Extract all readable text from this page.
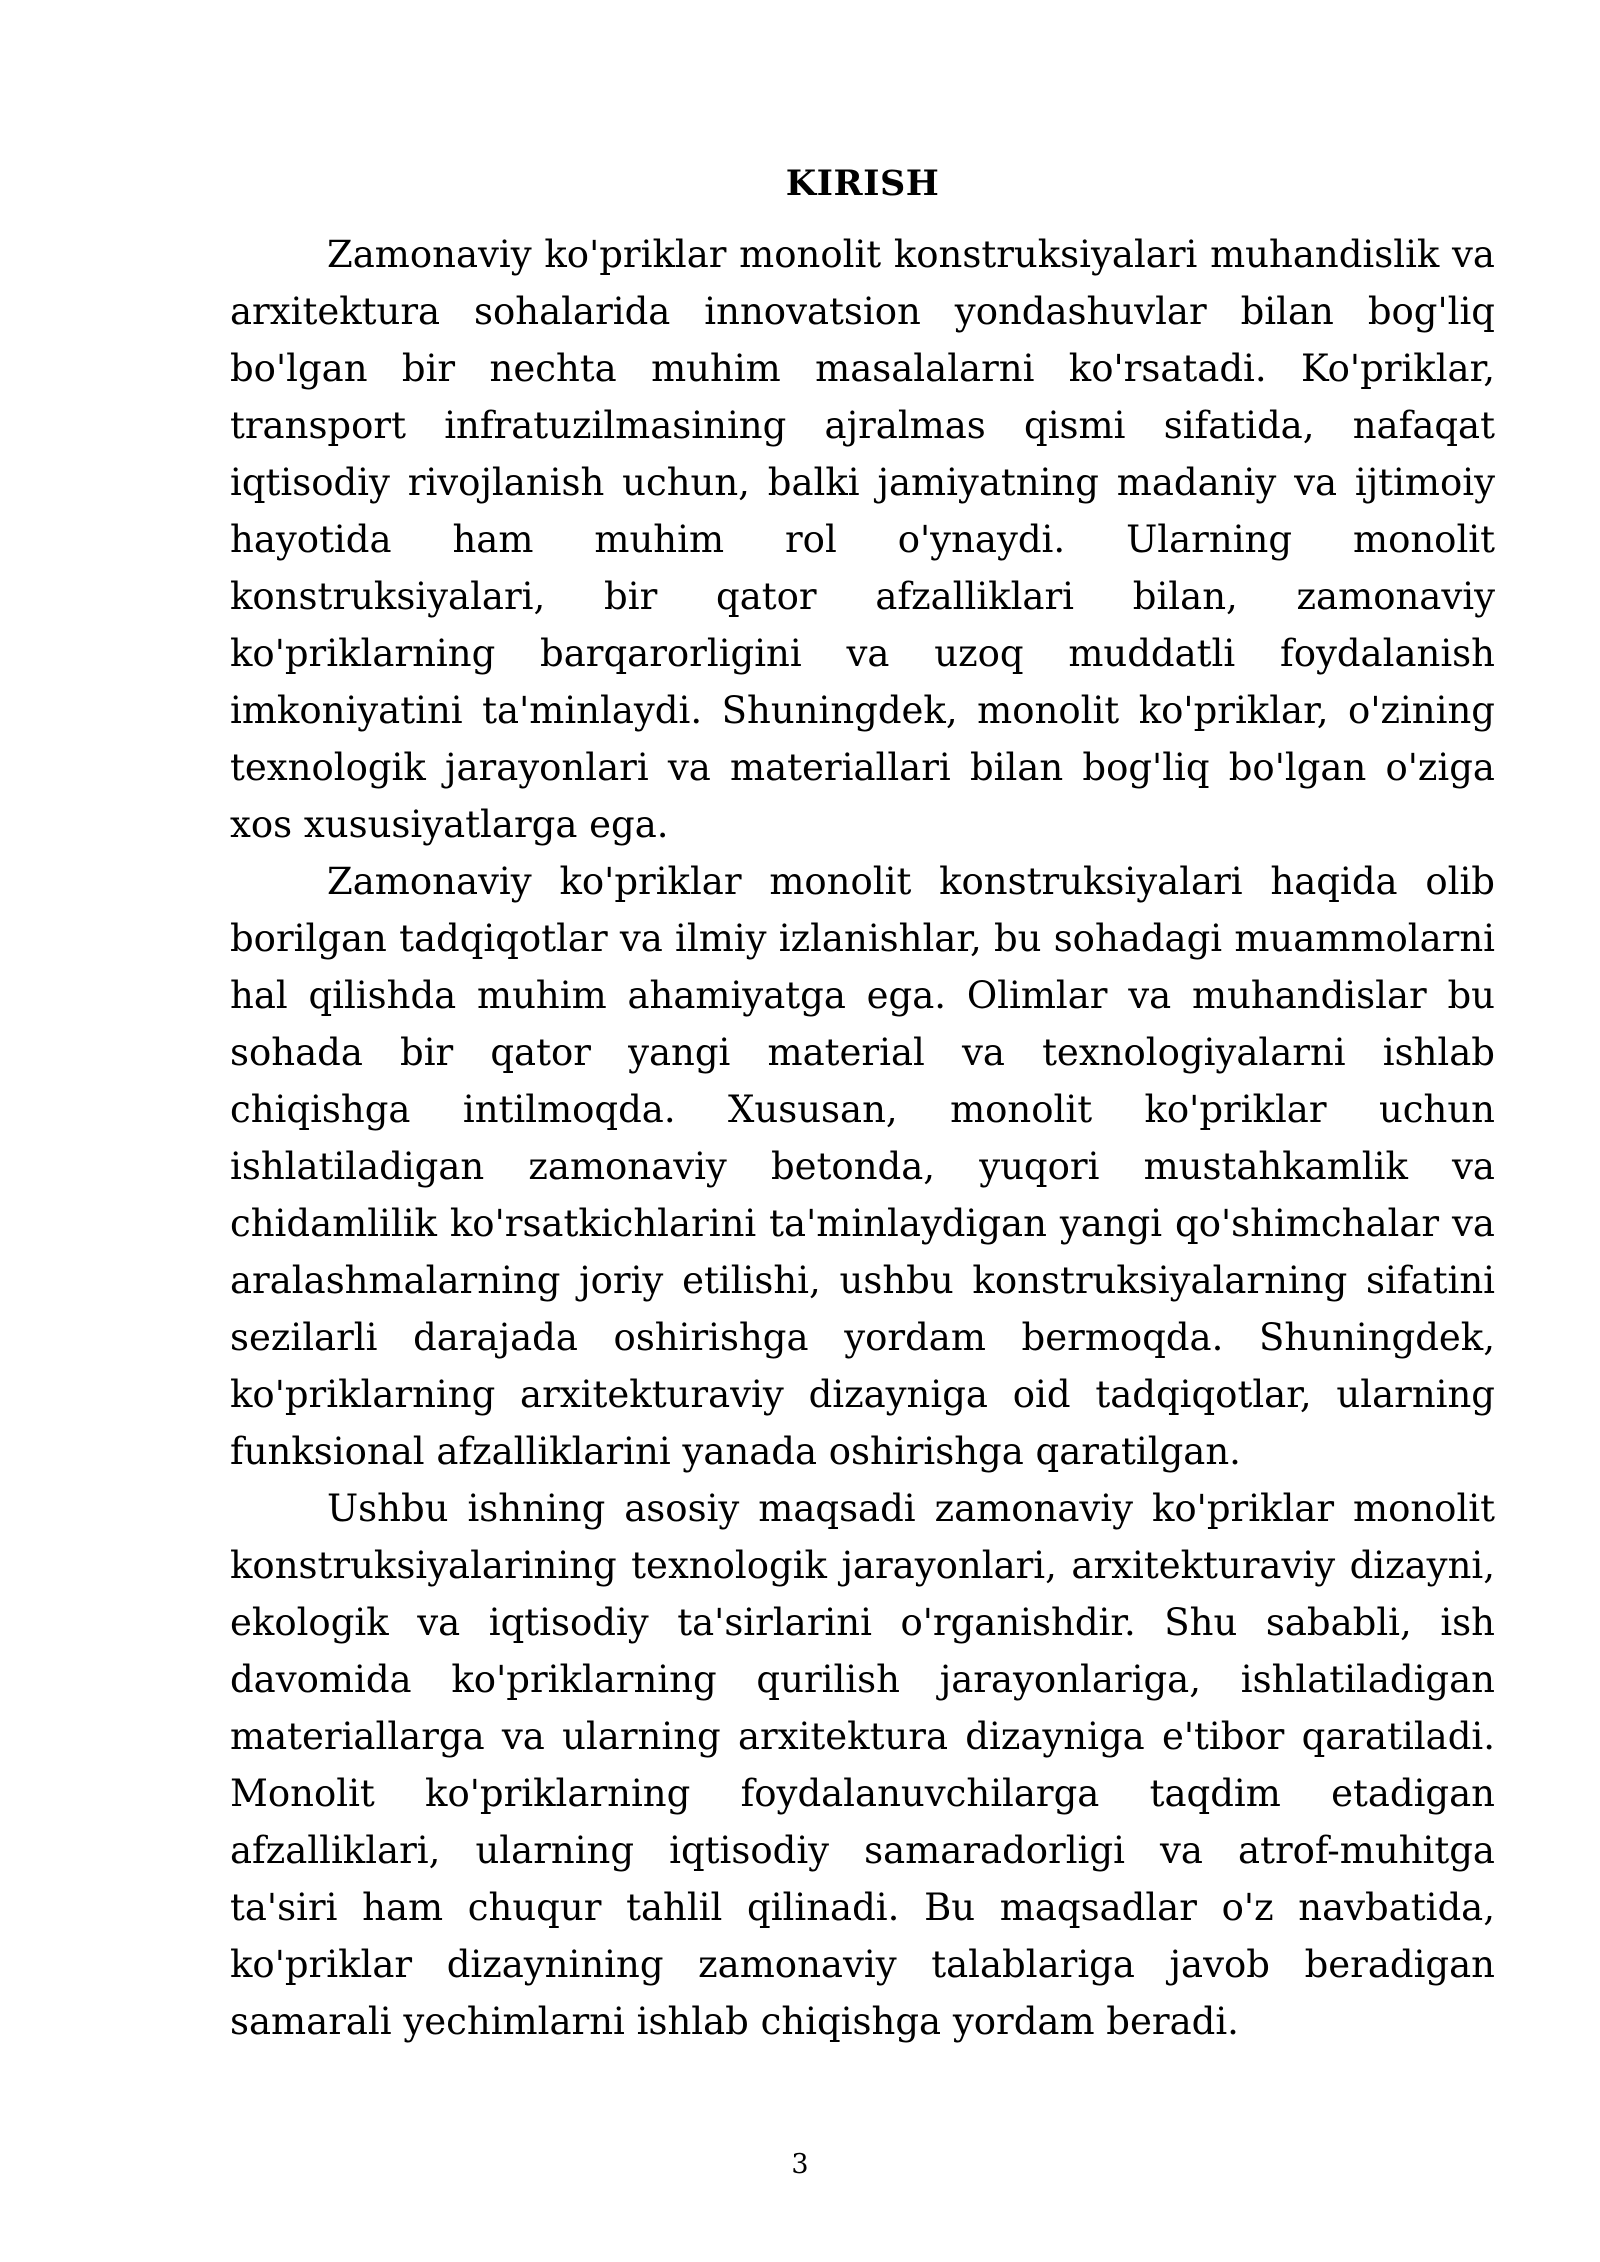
KIRISH

Zamonaviy ko'priklar monolit konstruksiyalari muhandislik va arxitektura sohalarida innovatsion yondashuvlar bilan bog'liq bo'lgan bir nechta muhim masalalarni ko'rsatadi. Ko'priklar, transport infratuzilmasining ajralmas qismi sifatida, nafaqat iqtisodiy rivojlanish uchun, balki jamiyatning madaniy va ijtimoiy hayotida ham muhim rol o'ynaydi. Ularning monolit konstruksiyalari, bir qator afzalliklari bilan, zamonaviy ko'priklarning barqarorligini va uzoq muddatli foydalanish imkoniyatini ta'minlaydi. Shuningdek, monolit ko'priklar, o'zining texnologik jarayonlari va materiallari bilan bog'liq bo'lgan o'ziga xos xususiyatlarga ega.

Zamonaviy ko'priklar monolit konstruksiyalari haqida olib borilgan tadqiqotlar va ilmiy izlanishlar, bu sohadagi muammolarni hal qilishda muhim ahamiyatga ega. Olimlar va muhandislar bu sohada bir qator yangi material va texnologiyalarni ishlab chiqishga intilmoqda. Xususan, monolit ko'priklar uchun ishlatiladigan zamonaviy betonda, yuqori mustahkamlik va chidamlilik ko'rsatkichlarini ta'minlaydigan yangi qo'shimchalar va aralashmalarning joriy etilishi, ushbu konstruksiyalarning sifatini sezilarli darajada oshirishga yordam bermoqda. Shuningdek, ko'priklarning arxitekturaviy dizayniga oid tadqiqotlar, ularning funksional afzalliklarini yanada oshirishga qaratilgan.

Ushbu ishning asosiy maqsadi zamonaviy ko'priklar monolit konstruksiyalarining texnologik jarayonlari, arxitekturaviy dizayni, ekologik va iqtisodiy ta'sirlarini o'rganishdir. Shu sababli, ish davomida ko'priklarning qurilish jarayonlariga, ishlatiladigan materiallarga va ularning arxitektura dizayniga e'tibor qaratiladi. Monolit ko'priklarning foydalanuvchilarga taqdim etadigan afzalliklari, ularning iqtisodiy samaradorligi va atrof-muhitga ta'siri ham chuqur tahlil qilinadi. Bu maqsadlar o'z navbatida, ko'priklar dizaynining zamonaviy talablariga javob beradigan samarali yechimlarni ishlab chiqishga yordam beradi.

3
